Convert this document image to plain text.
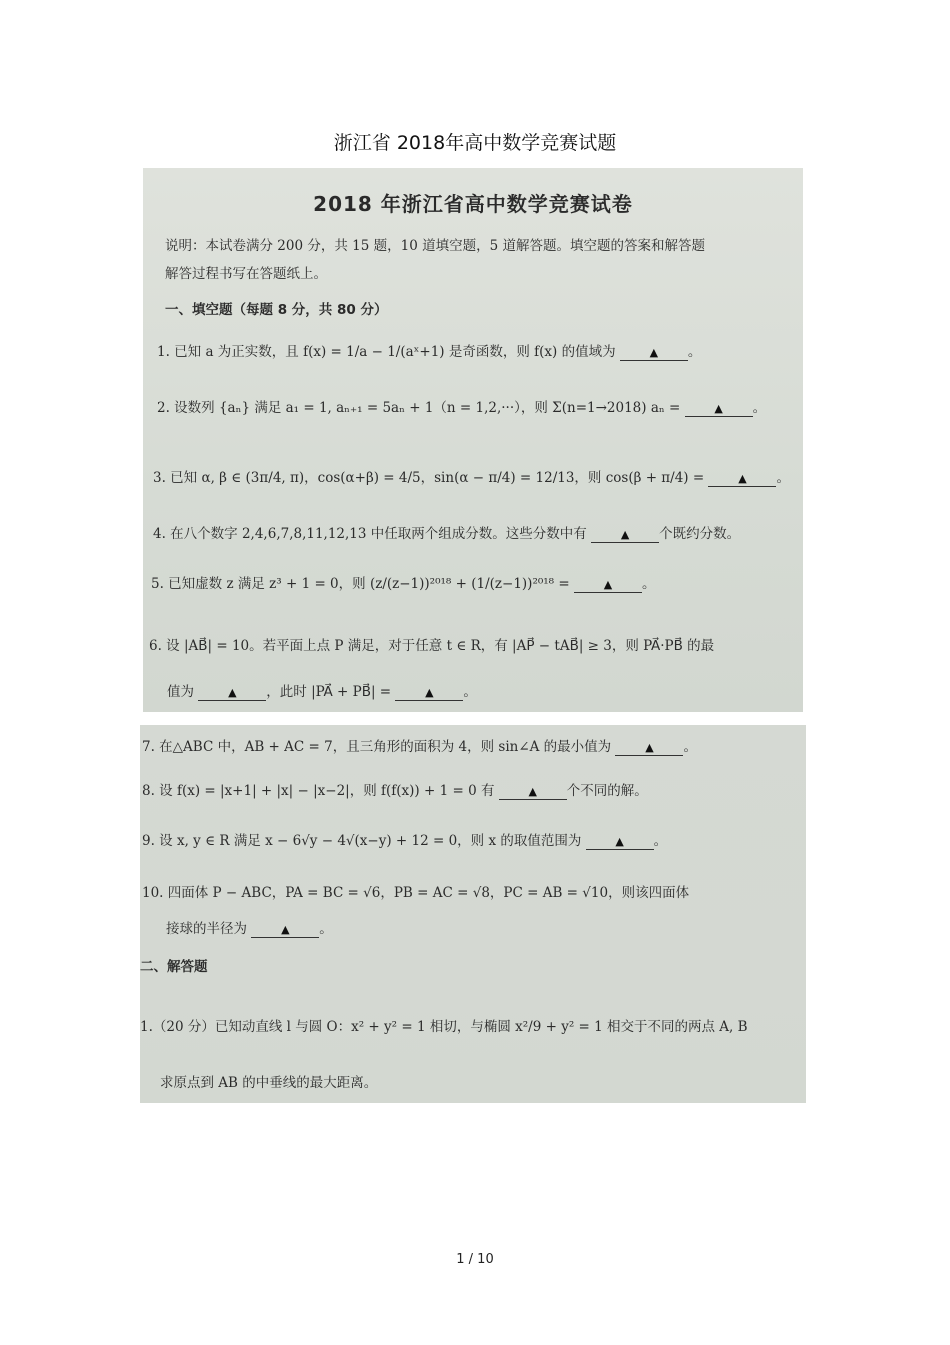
浙江省 2018年高中数学竞赛试题
2018 年浙江省高中数学竞赛试卷
说明：本试卷满分 200 分，共 15 题，10 道填空题，5 道解答题。填空题的答案和解答题
解答过程书写在答题纸上。
一、填空题（每题 8 分，共 80 分）
1. 已知 a 为正实数，且 f(x) = 1/a − 1/(aˣ+1) 是奇函数，则 f(x) 的值域为	▲ 。
2. 设数列 {aₙ} 满足 a₁ = 1, aₙ₊₁ = 5aₙ + 1（n = 1,2,···），则 Σ(n=1→2018) aₙ =	▲ 。
3. 已知 α, β ∈ (3π/4, π)，cos(α+β) = 4/5，sin(α − π/4) = 12/13，则 cos(β + π/4) =	▲ 。
4. 在八个数字 2,4,6,7,8,11,12,13 中任取两个组成分数。这些分数中有	▲ 个既约分数。
5. 已知虚数 z 满足 z³ + 1 = 0，则 (z/(z−1))²⁰¹⁸ + (1/(z−1))²⁰¹⁸ =	▲ 。
6. 设 |AB⃗| = 10。若平面上点 P 满足，对于任意 t ∈ R，有 |AP⃗ − tAB⃗| ≥ 3，则 PA⃗·PB⃗ 的最
值为	▲ ，此时 |PA⃗ + PB⃗| =	▲ 。
7. 在△ABC 中，AB + AC = 7，且三角形的面积为 4，则 sin∠A 的最小值为	▲ 。
8. 设 f(x) = |x+1| + |x| − |x−2|，则 f(f(x)) + 1 = 0 有	▲ 个不同的解。
9. 设 x, y ∈ R 满足 x − 6√y − 4√(x−y) + 12 = 0，则 x 的取值范围为	▲ 。
10. 四面体 P − ABC，PA = BC = √6，PB = AC = √8，PC = AB = √10，则该四面体
接球的半径为	▲ 。
二、解答题
1.（20 分）已知动直线 l 与圆 O：x² + y² = 1 相切，与椭圆 x²/9 + y² = 1 相交于不同的两点 A, B
求原点到 AB 的中垂线的最大距离。
1 / 10
